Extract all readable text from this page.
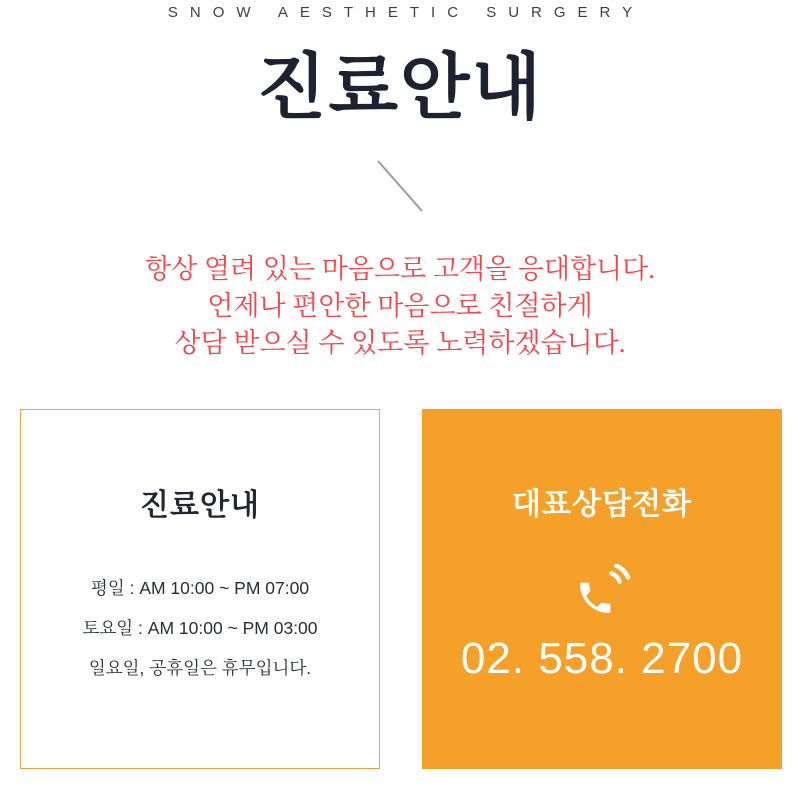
SNOW AESTHETIC SURGERY
진료안내
항상 열려 있는 마음으로 고객을 응대합니다.
언제나 편안한 마음으로 친절하게
상담 받으실 수 있도록 노력하겠습니다.
진료안내
평일 : AM 10:00 ~ PM 07:00
토요일 : AM 10:00 ~ PM 03:00
일요일, 공휴일은 휴무입니다.
대표상담전화
02. 558. 2700
